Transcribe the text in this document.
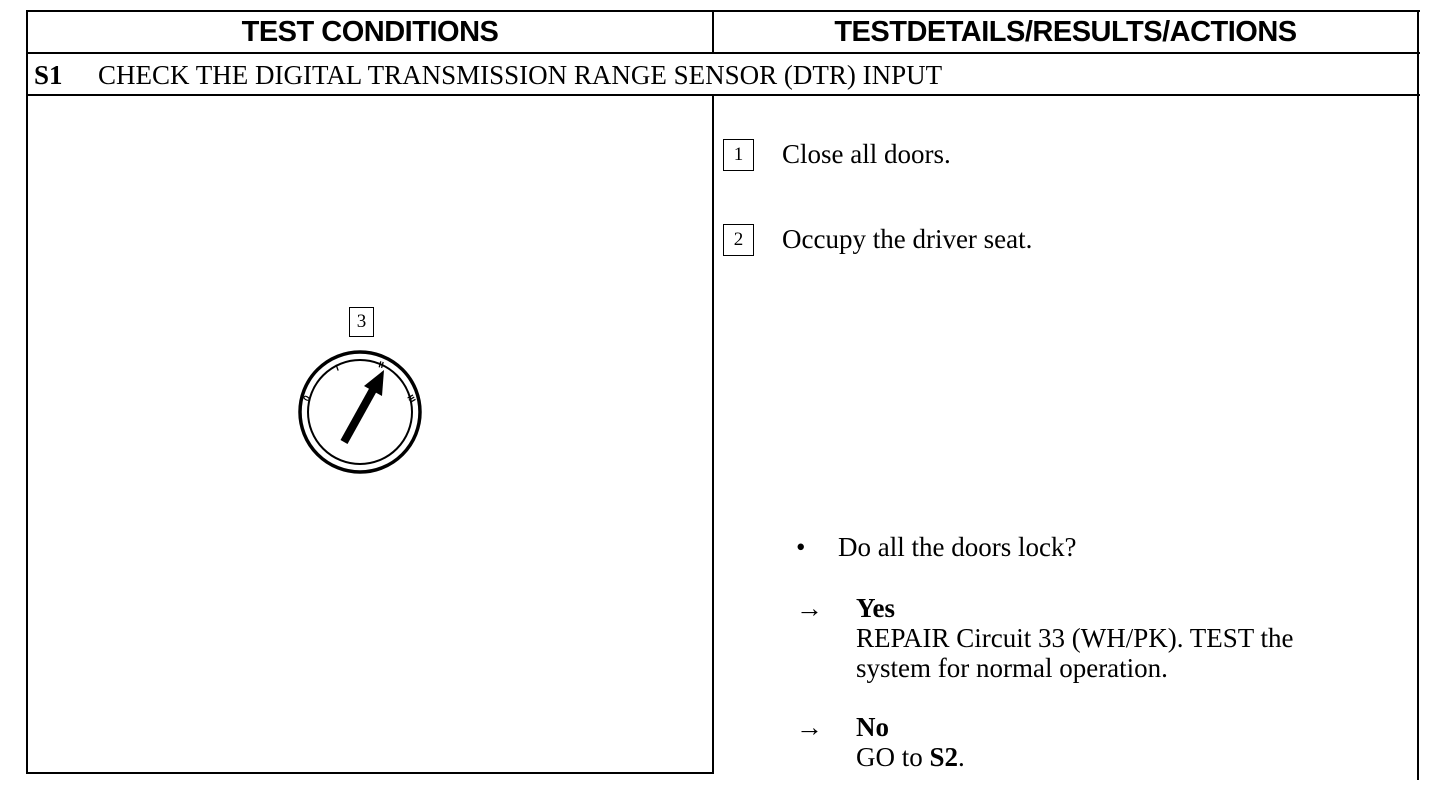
TEST CONDITIONS	TESTDETAILS/RESULTS/ACTIONS
S1	CHECK THE DIGITAL TRANSMISSION RANGE SENSOR (DTR) INPUT
1	Close all doors.
2	Occupy the driver seat.
3
0
I	II
III
•	Do all the doors lock?
→ Yes
REPAIR Circuit 33 (WH/PK). TEST the
system for normal operation.
→ No
GO to S2.
